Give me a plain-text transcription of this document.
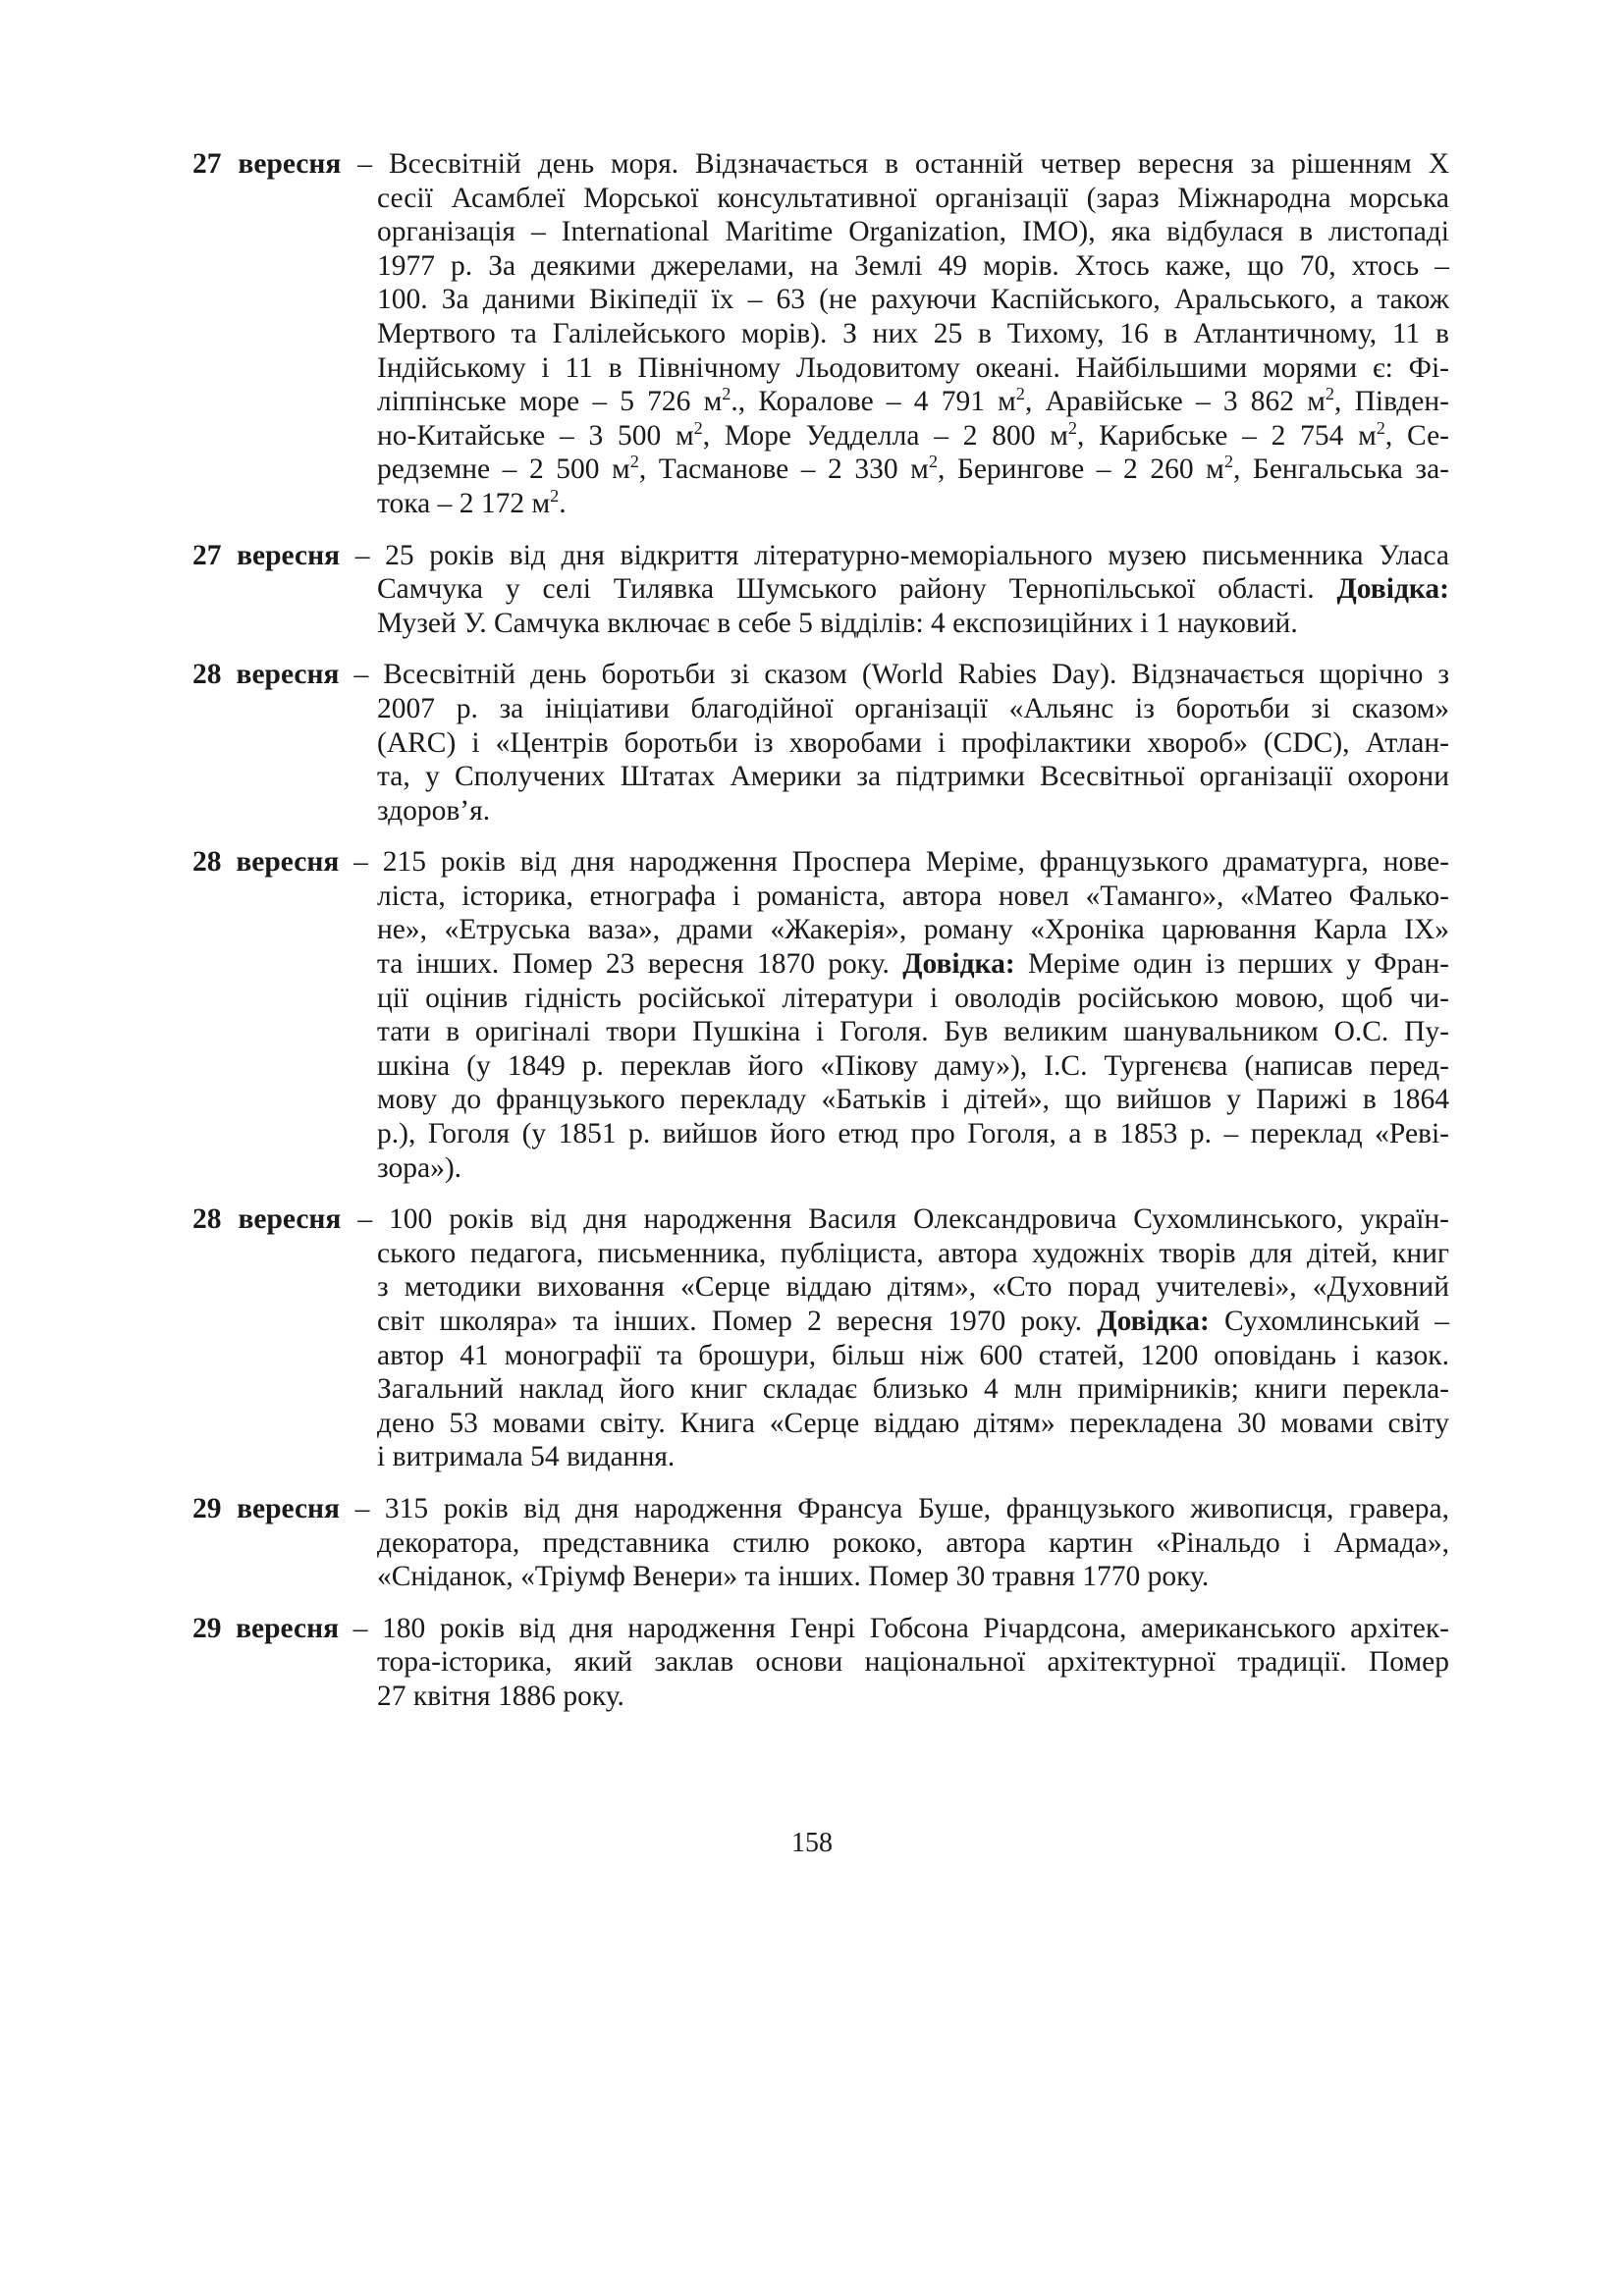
27 вересня – Всесвітній день моря. Відзначається в останній четвер вересня за рішенням Х
сесії Асамблеї Морської консультативної організації (зараз Міжнародна морська
організація – International Maritime Organization, IMO), яка відбулася в листопаді
1977 р. За деякими джерелами, на Землі 49 морів. Хтось каже, що 70, хтось –
100. За даними Вікіпедії їх – 63 (не рахуючи Каспійського, Аральського, а також
Мертвого та Галілейського морів). З них 25 в Тихому, 16 в Атлантичному, 11 в
Індійському і 11 в Північному Льодовитому океані. Найбільшими морями є: Фі-
ліппінське море – 5 726 $м^2$., Коралове – 4 791 $м^2$, Аравійське – 3 862 $м^2$, Півден-
но-Китайське – 3 500 $м^2$, Море Уедделла – 2 800 $м^2$, Карибське – 2 754 $м^2$, Се-
редземне – 2 500 $м^2$, Тасманове – 2 330 $м^2$, Берингове – 2 260 $м^2$, Бенгальська за-
тока – 2 172 $м^2$.
27 вересня – 25 років від дня відкриття літературно-меморіального музею письменника Уласа
Самчука у селі Тилявка Шумського району Тернопільської області. Довідка:
Музей У. Самчука включає в себе 5 відділів: 4 експозиційних і 1 науковий.
28 вересня – Всесвітній день боротьби зі сказом (World Rabies Day). Відзначається щорічно з
2007 р. за ініціативи благодійної організації «Альянс із боротьби зі сказом»
(ARC) і «Центрів боротьби із хворобами і профілактики хвороб» (CDC), Атлан-
та, у Сполучених Штатах Америки за підтримки Всесвітньої організації охорони
здоров’я.
28 вересня – 215 років від дня народження Проспера Меріме, французького драматурга, нове-
ліста, історика, етнографа і романіста, автора новел «Таманго», «Матео Фалько-
не», «Етруська ваза», драми «Жакерія», роману «Хроніка царювання Карла IX»
та інших. Помер 23 вересня 1870 року. Довідка: Меріме один із перших у Фран-
ції оцінив гідність російської літератури і оволодів російською мовою, щоб чи-
тати в оригіналі твори Пушкіна і Гоголя. Був великим шанувальником О.С. Пу-
шкіна (у 1849 р. переклав його «Пікову даму»), І.С. Тургенєва (написав перед-
мову до французького перекладу «Батьків і дітей», що вийшов у Парижі в 1864
р.), Гоголя (у 1851 р. вийшов його етюд про Гоголя, а в 1853 р. – переклад «Реві-
зора»).
28 вересня – 100 років від дня народження Василя Олександровича Сухомлинського, україн-
ського педагога, письменника, публіциста, автора художніх творів для дітей, книг
з методики виховання «Серце віддаю дітям», «Сто порад учителеві», «Духовний
світ школяра» та інших. Помер 2 вересня 1970 року. Довідка: Сухомлинський –
автор 41 монографії та брошури, більш ніж 600 статей, 1200 оповідань і казок.
Загальний наклад його книг складає близько 4 млн примірників; книги перекла-
дено 53 мовами світу. Книга «Серце віддаю дітям» перекладена 30 мовами світу
і витримала 54 видання.
29 вересня – 315 років від дня народження Франсуа Буше, французького живописця, гравера,
декоратора, представника стилю рококо, автора картин «Рінальдо і Армада»,
«Сніданок, «Тріумф Венери» та інших. Помер 30 травня 1770 року.
29 вересня – 180 років від дня народження Генрі Гобсона Річардсона, американського архітек-
тора-історика, який заклав основи національної архітектурної традиції. Помер
27 квітня 1886 року.
158
